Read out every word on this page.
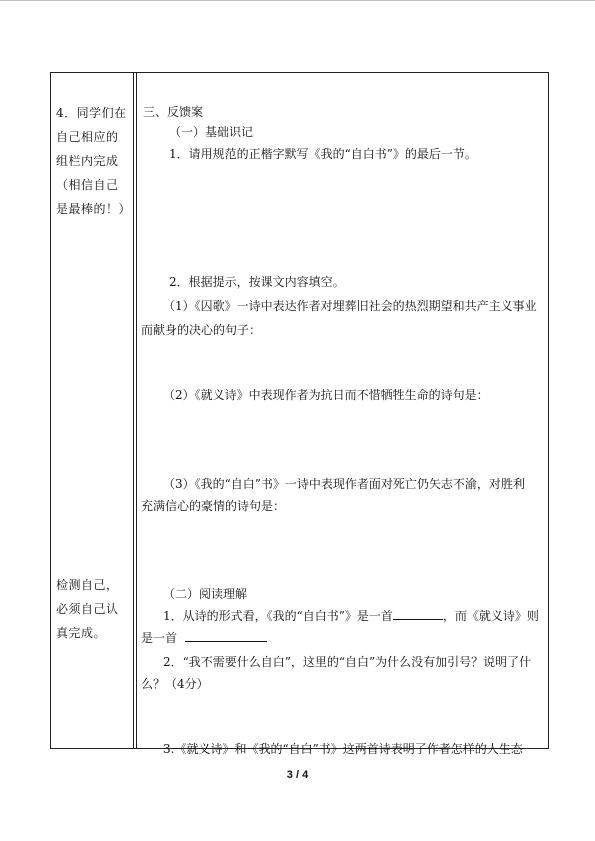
4．同学们在自己相应的组栏内完成（相信自己是最棒的！）
检测自己，必须自己认真完成。
三、反馈案
（一）基础识记
1．请用规范的正楷字默写《我的“自白书”》的最后一节。
2．根据提示，按课文内容填空。
（1）《囚歌》一诗中表达作者对埋葬旧社会的热烈期望和共产主义事业
而献身的决心的句子：
（2）《就义诗》中表现作者为抗日而不惜牺牲生命的诗句是：
（3）《我的“自白”书》一诗中表现作者面对死亡仍矢志不渝，对胜利
充满信心的豪情的诗句是：
（二）阅读理解
1．从诗的形式看，《我的“自白书”》是一首	，而《就义诗》则
是一首
2．“我不需要什么自白”，这里的“自白”为什么没有加引号？说明了什
么？（4分）
3.《就义诗》和《我的“自白”书》这两首诗表明了作者怎样的人生态
3 / 4
